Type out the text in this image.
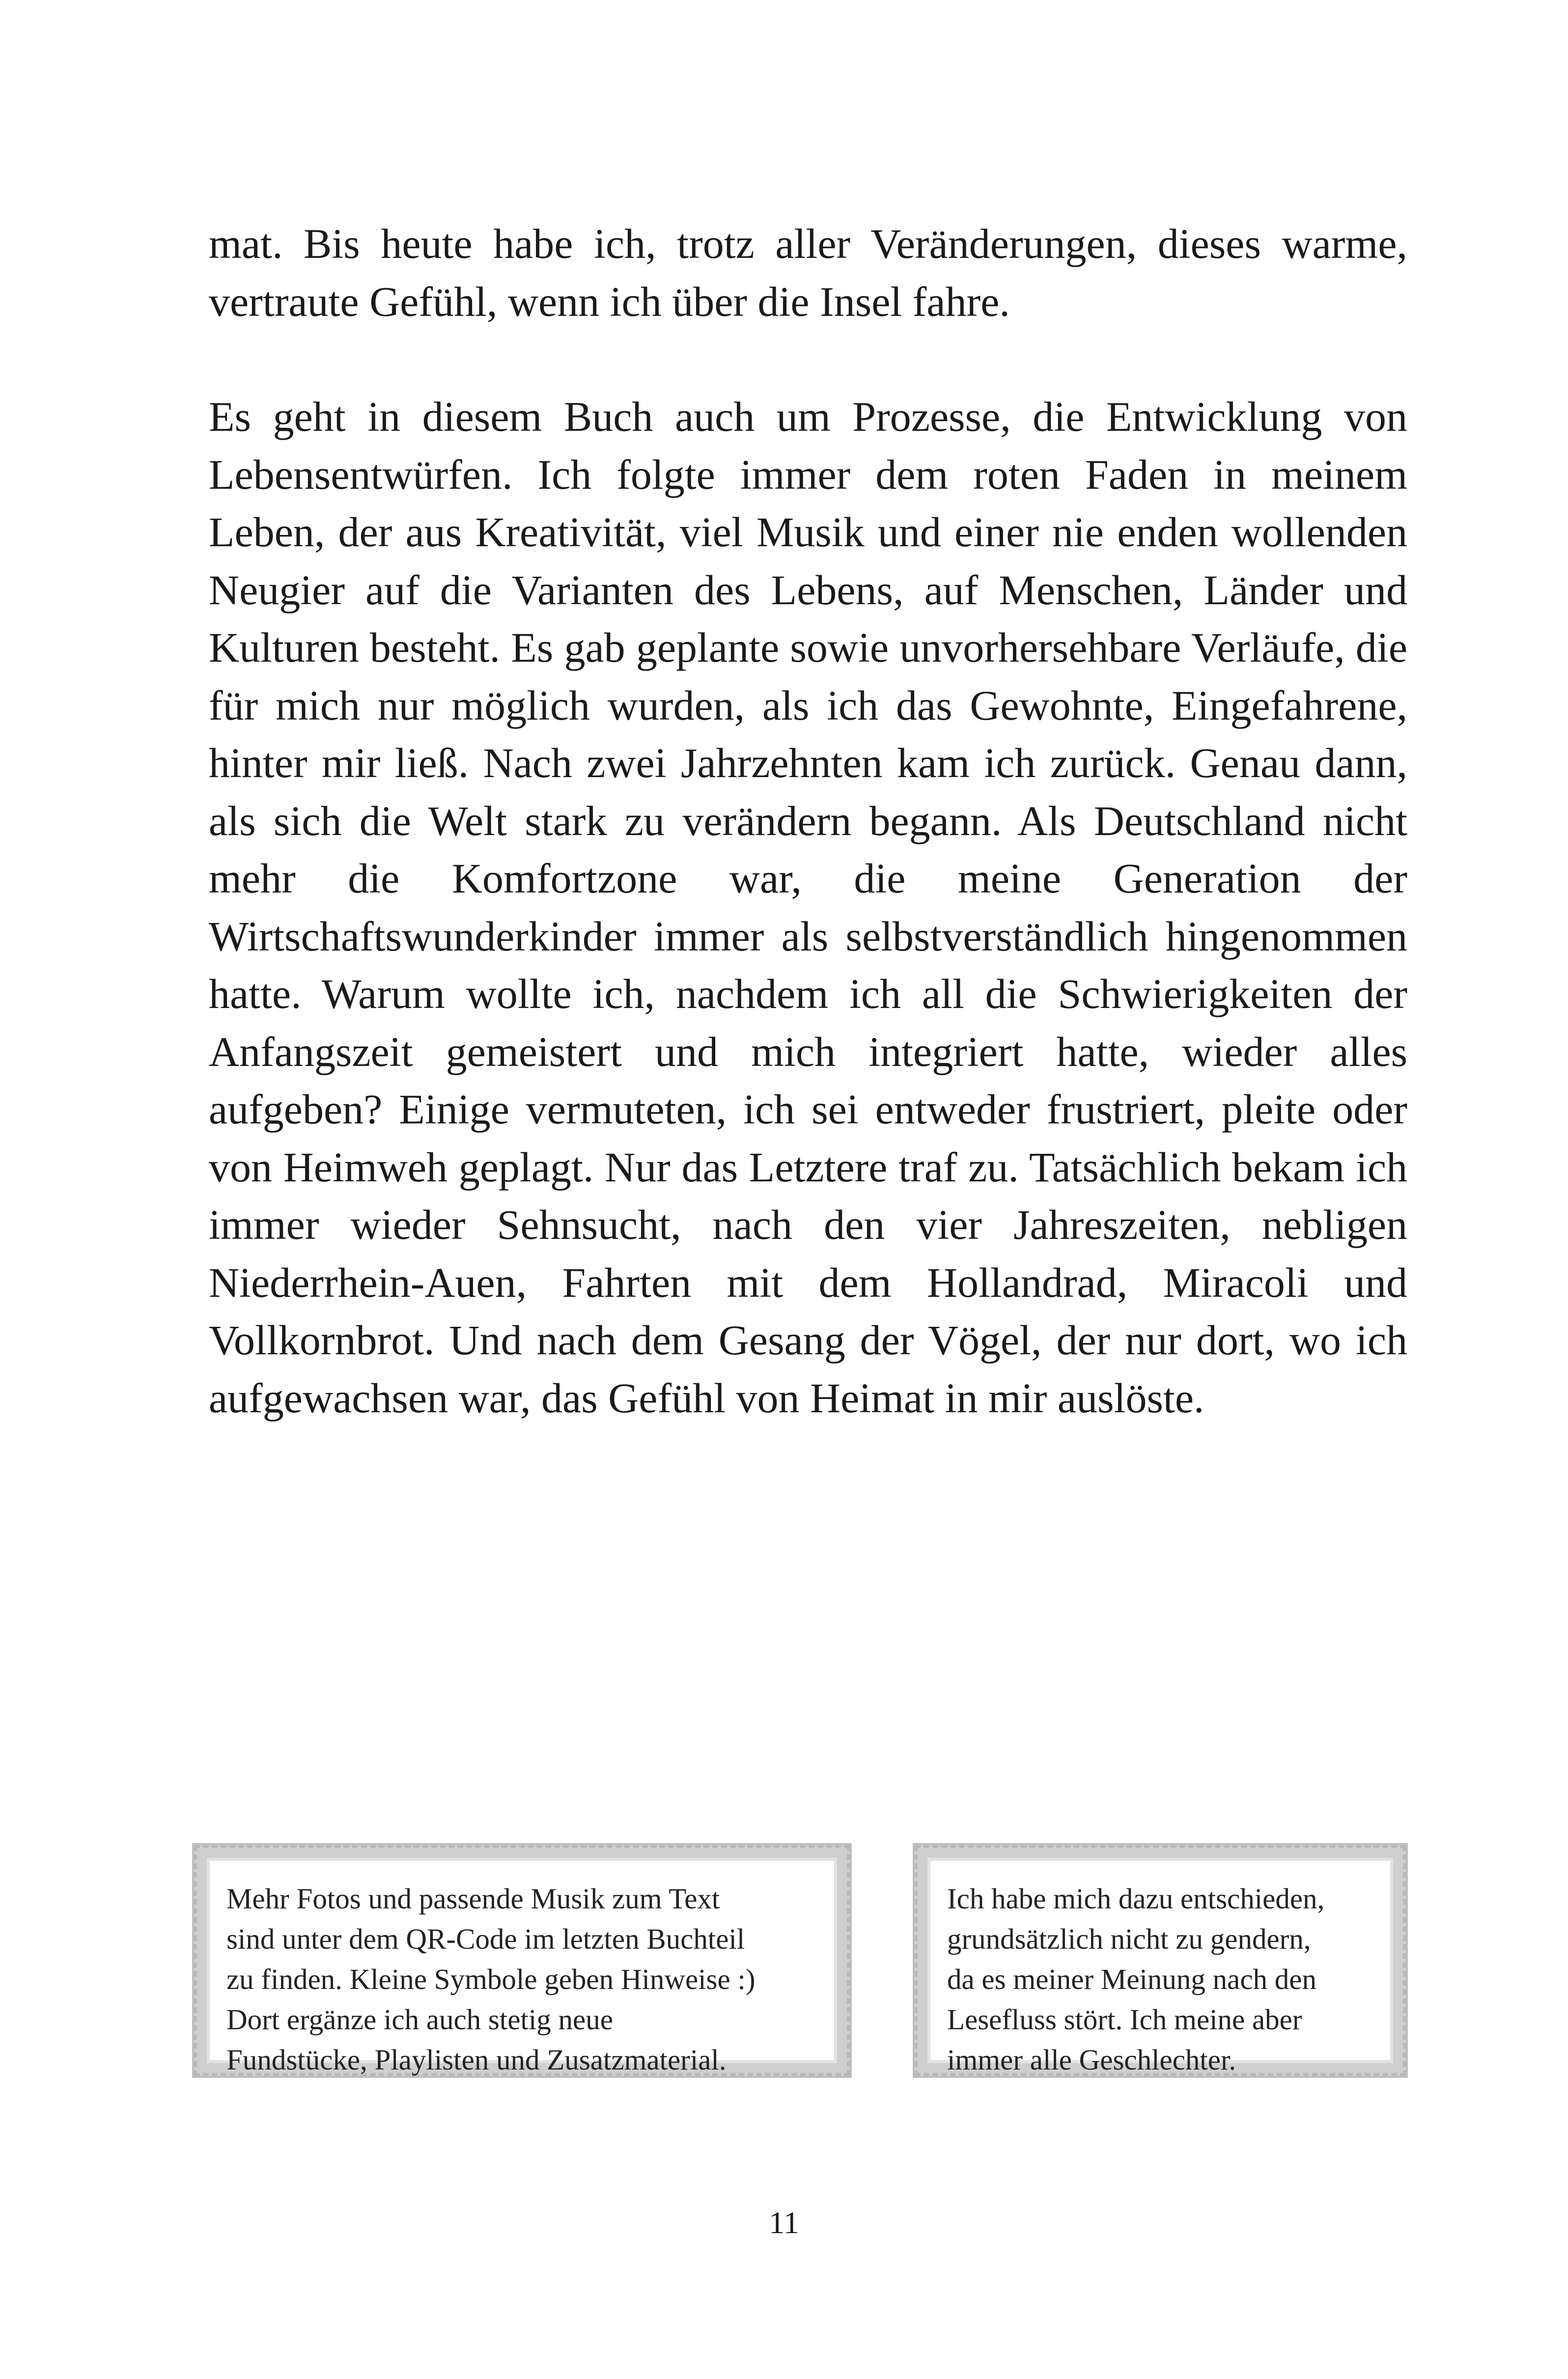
mat. Bis heute habe ich, trotz aller Veränderungen, dieses warme, vertraute Gefühl, wenn ich über die Insel fahre.

Es geht in diesem Buch auch um Prozesse, die Entwicklung von Lebensentwürfen. Ich folgte immer dem roten Faden in meinem Leben, der aus Kreativität, viel Musik und einer nie enden wollenden Neugier auf die Varianten des Lebens, auf Menschen, Länder und Kulturen besteht. Es gab geplante sowie unvorhersehbare Verläufe, die für mich nur möglich wurden, als ich das Gewohnte, Eingefahrene, hinter mir ließ. Nach zwei Jahrzehnten kam ich zurück. Genau dann, als sich die Welt stark zu verändern begann. Als Deutschland nicht mehr die Komfortzone war, die meine Generation der Wirtschaftswunderkinder immer als selbstverständlich hingenommen hatte. Warum wollte ich, nachdem ich all die Schwierigkeiten der Anfangszeit gemeistert und mich integriert hatte, wieder alles aufgeben? Einige vermuteten, ich sei entweder frustriert, pleite oder von Heimweh geplagt. Nur das Letztere traf zu. Tatsächlich bekam ich immer wieder Sehnsucht, nach den vier Jahreszeiten, nebligen Niederrhein-Auen, Fahrten mit dem Hollandrad, Miracoli und Vollkornbrot. Und nach dem Gesang der Vögel, der nur dort, wo ich aufgewachsen war, das Gefühl von Heimat in mir auslöste.

Mehr Fotos und passende Musik zum Text
sind unter dem QR-Code im letzten Buchteil
zu finden. Kleine Symbole geben Hinweise :)
Dort ergänze ich auch stetig neue
Fundstücke, Playlisten und Zusatzmaterial.

Ich habe mich dazu entschieden,
grundsätzlich nicht zu gendern,
da es meiner Meinung nach den
Lesefluss stört. Ich meine aber
immer alle Geschlechter.

11
